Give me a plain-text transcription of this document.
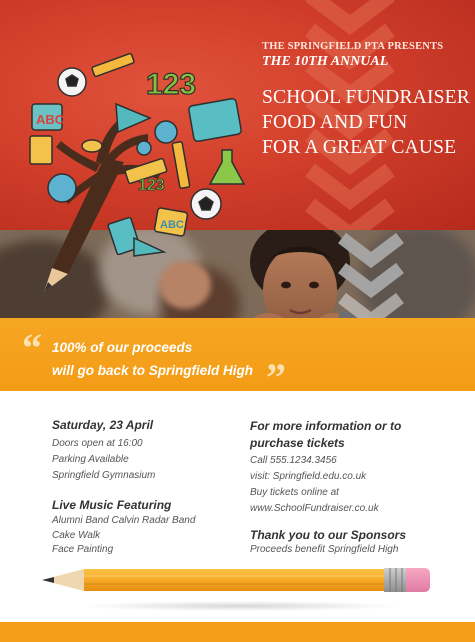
THE SPRINGFIELD PTA PRESENTS
THE 10TH ANNUAL
SCHOOL FUNDRAISER
FOOD AND FUN
FOR A GREAT CAUSE
123
ABC
123
ABC
“ 100% of our proceeds
will go back to Springfield High ”
Saturday, 23 April
Doors open at 16:00
Parking Available
Springfield Gymnasium
Live Music Featuring
Alumni Band Calvin Radar Band
Cake Walk
Face Painting
For more information or to
purchase tickets
Call 555.1234.3456
visit: Springfield.edu.co.uk
Buy tickets online at
www.SchoolFundraiser.co.uk
Thank you to our Sponsors
Proceeds benefit Springfield High
